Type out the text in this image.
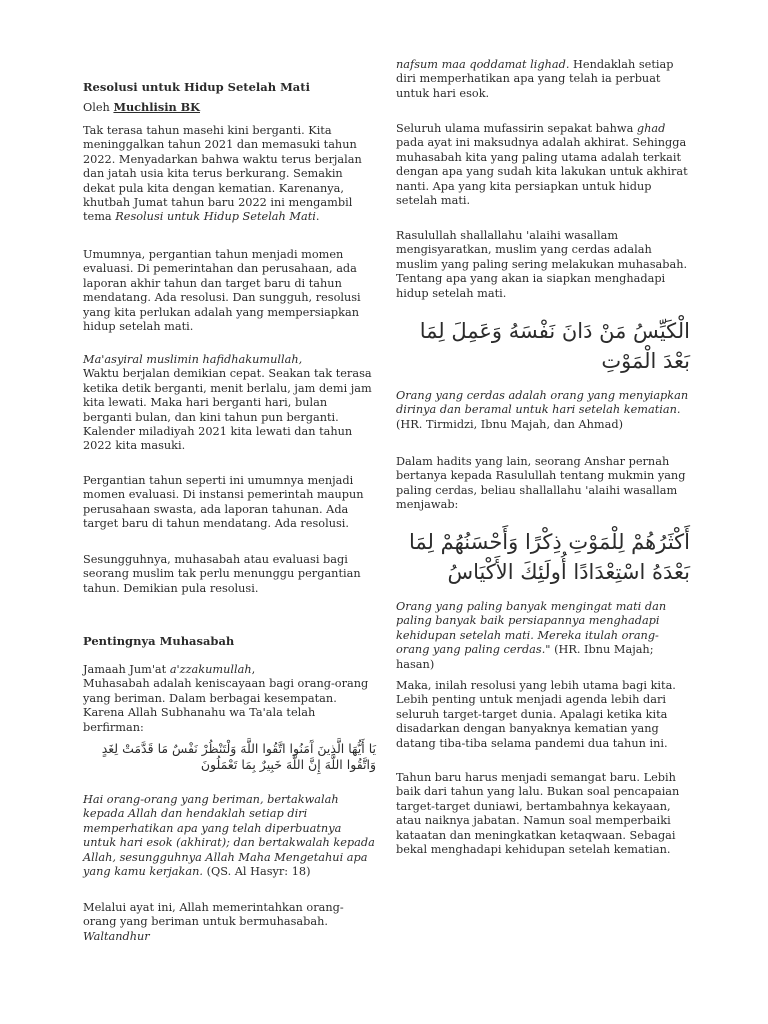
Resolusi untuk Hidup Setelah Mati

Oleh Muchlisin BK

Tak terasa tahun masehi kini berganti. Kita meninggalkan tahun 2021 dan memasuki tahun 2022. Menyadarkan bahwa waktu terus berjalan dan jatah usia kita terus berkurang. Semakin dekat pula kita dengan kematian. Karenanya, khutbah Jumat tahun baru 2022 ini mengambil tema Resolusi untuk Hidup Setelah Mati.

Umumnya, pergantian tahun menjadi momen evaluasi. Di pemerintahan dan perusahaan, ada laporan akhir tahun dan target baru di tahun mendatang. Ada resolusi. Dan sungguh, resolusi yang kita perlukan adalah yang mempersiapkan hidup setelah mati.

Ma'asyiral muslimin hafidhakumullah,
Waktu berjalan demikian cepat. Seakan tak terasa ketika detik berganti, menit berlalu, jam demi jam kita lewati. Maka hari berganti hari, bulan berganti bulan, dan kini tahun pun berganti. Kalender miladiyah 2021 kita lewati dan tahun 2022 kita masuki.

Pergantian tahun seperti ini umumnya menjadi momen evaluasi. Di instansi pemerintah maupun perusahaan swasta, ada laporan tahunan. Ada target baru di tahun mendatang. Ada resolusi.

Sesungguhnya, muhasabah atau evaluasi bagi seorang muslim tak perlu menunggu pergantian tahun. Demikian pula resolusi.

Pentingnya Muhasabah

Jamaah Jum'at a'zzakumullah,
Muhasabah adalah keniscayaan bagi orang-orang yang beriman. Dalam berbagai kesempatan. Karena Allah Subhanahu wa Ta'ala telah berfirman:

يَا أَيُّهَا الَّذِينَ آَمَنُوا اتَّقُوا اللَّهَ وَلْتَنْظُرْ نَفْسٌ مَا قَدَّمَتْ لِغَدٍ وَاتَّقُوا اللَّهَ إِنَّ اللَّهَ خَبِيرٌ بِمَا تَعْمَلُونَ

Hai orang-orang yang beriman, bertakwalah kepada Allah dan hendaklah setiap diri memperhatikan apa yang telah diperbuatnya untuk hari esok (akhirat); dan bertakwalah kepada Allah, sesungguhnya Allah Maha Mengetahui apa yang kamu kerjakan. (QS. Al Hasyr: 18)

Melalui ayat ini, Allah memerintahkan orang-orang yang beriman untuk bermuhasabah. Waltandhur

nafsum maa qoddamat lighad. Hendaklah setiap diri memperhatikan apa yang telah ia perbuat untuk hari esok.

Seluruh ulama mufassirin sepakat bahwa ghad pada ayat ini maksudnya adalah akhirat. Sehingga muhasabah kita yang paling utama adalah terkait dengan apa yang sudah kita lakukan untuk akhirat nanti. Apa yang kita persiapkan untuk hidup setelah mati.

Rasulullah shallallahu 'alaihi wasallam mengisyaratkan, muslim yang cerdas adalah muslim yang paling sering melakukan muhasabah. Tentang apa yang akan ia siapkan menghadapi hidup setelah mati.

الْكَيِّسُ مَنْ دَانَ نَفْسَهُ وَعَمِلَ لِمَا بَعْدَ الْمَوْتِ

Orang yang cerdas adalah orang yang menyiapkan dirinya dan beramal untuk hari setelah kematian. (HR. Tirmidzi, Ibnu Majah, dan Ahmad)

Dalam hadits yang lain, seorang Anshar pernah bertanya kepada Rasulullah tentang mukmin yang paling cerdas, beliau shallallahu 'alaihi wasallam menjawab:

أَكْثَرُهُمْ لِلْمَوْتِ ذِكْرًا وَأَحْسَنُهُمْ لِمَا بَعْدَهُ اسْتِعْدَادًا أُولَئِكَ الأَكْيَاسُ

Orang yang paling banyak mengingat mati dan paling banyak baik persiapannya menghadapi kehidupan setelah mati. Mereka itulah orang-orang yang paling cerdas." (HR. Ibnu Majah; hasan)

Maka, inilah resolusi yang lebih utama bagi kita. Lebih penting untuk menjadi agenda lebih dari seluruh target-target dunia. Apalagi ketika kita disadarkan dengan banyaknya kematian yang datang tiba-tiba selama pandemi dua tahun ini.

Tahun baru harus menjadi semangat baru. Lebih baik dari tahun yang lalu. Bukan soal pencapaian target-target duniawi, bertambahnya kekayaan, atau naiknya jabatan. Namun soal memperbaiki kataatan dan meningkatkan ketaqwaan. Sebagai bekal menghadapi kehidupan setelah kematian.
